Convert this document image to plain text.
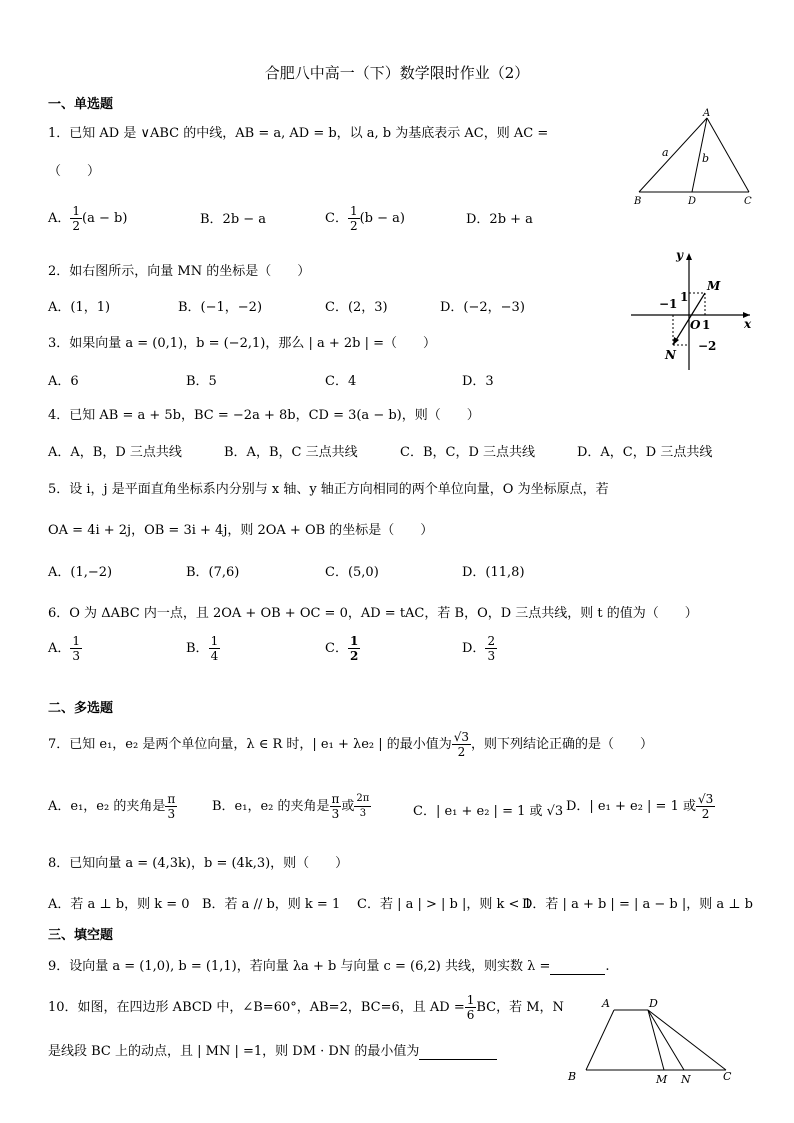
合肥八中高一（下）数学限时作业（2）
一、单选题
1．已知 AD 是 ∨ABC 的中线，AB = a, AD = b，以 a, b 为基底表示 AC，则 AC =
（　　）
A． $\frac{1}{2} (a - b)$	B．2b − a	C． $\frac{1}{2} (b - a)$	D．2b + a
A
B	D	C
a	b
2．如右图所示，向量 MN 的坐标是（　　）
A．(1，1)	B．(−1，−2)	C．(2，3)	D．(−2，−3)
y
x
M
N
O 1
−1 1
−2
3．如果向量 a = (0,1)，b = (−2,1)，那么 | a + 2b | =（　　）
A．6	B．5	C．4	D．3
4．已知 AB = a + 5b，BC = −2a + 8b，CD = 3(a − b)，则（　　）
A．A，B，D 三点共线	B．A，B，C 三点共线	C．B，C，D 三点共线	D．A，C，D 三点共线
5．设 i，j 是平面直角坐标系内分别与 x 轴、y 轴正方向相同的两个单位向量，O 为坐标原点，若
OA = 4i + 2j，OB = 3i + 4j，则 2OA + OB 的坐标是（　　）
A．(1,−2)	B．(7,6)	C．(5,0)	D．(11,8)
6．O 为 ΔABC 内一点，且 2OA + OB + OC = 0，AD = tAC，若 B，O，D 三点共线，则 t 的值为（　　）
A． $\frac{1}{3}$	B． $\frac{1}{4}$	C． $\frac{1}{2}$	D． $\frac{2}{3}$
二、多选题
7．已知 e₁，e₂ 是两个单位向量，λ ∈ R 时，| e₁ + λe₂ | 的最小值为 $\frac{√3}{2}$ ，则下列结论正确的是（　　）
A．e₁，e₂ 的夹角是 $\frac{\pi}{3}$	B．e₁，e₂ 的夹角是 $\frac{\pi}{3}$ 或 $\frac{2\pi}{3}$	C．| e₁ + e₂ | = 1 或 √3 D．| e₁ + e₂ | = 1 或 $\frac{√3}{2}$
8．已知向量 a = (4,3k)，b = (4k,3)，则（　　）
A．若 a ⊥ b，则 k = 0 B．若 a // b，则 k = 1 C．若 | a | > | b |，则 k < 1
D．若 | a + b | = | a − b |，则 a ⊥ b
三、填空题
9．设向量 a = (1,0), b = (1,1)，若向量 λa + b 与向量 c = (6,2) 共线，则实数 λ =	.
10．如图，在四边形 ABCD 中，∠B=60°，AB=2，BC=6，且 AD = $\frac{1}{6}$ BC，若 M，N
是线段 BC 上的动点，且 | MN | =1，则 DM · DN 的最小值为
A	D
B	M N	C
